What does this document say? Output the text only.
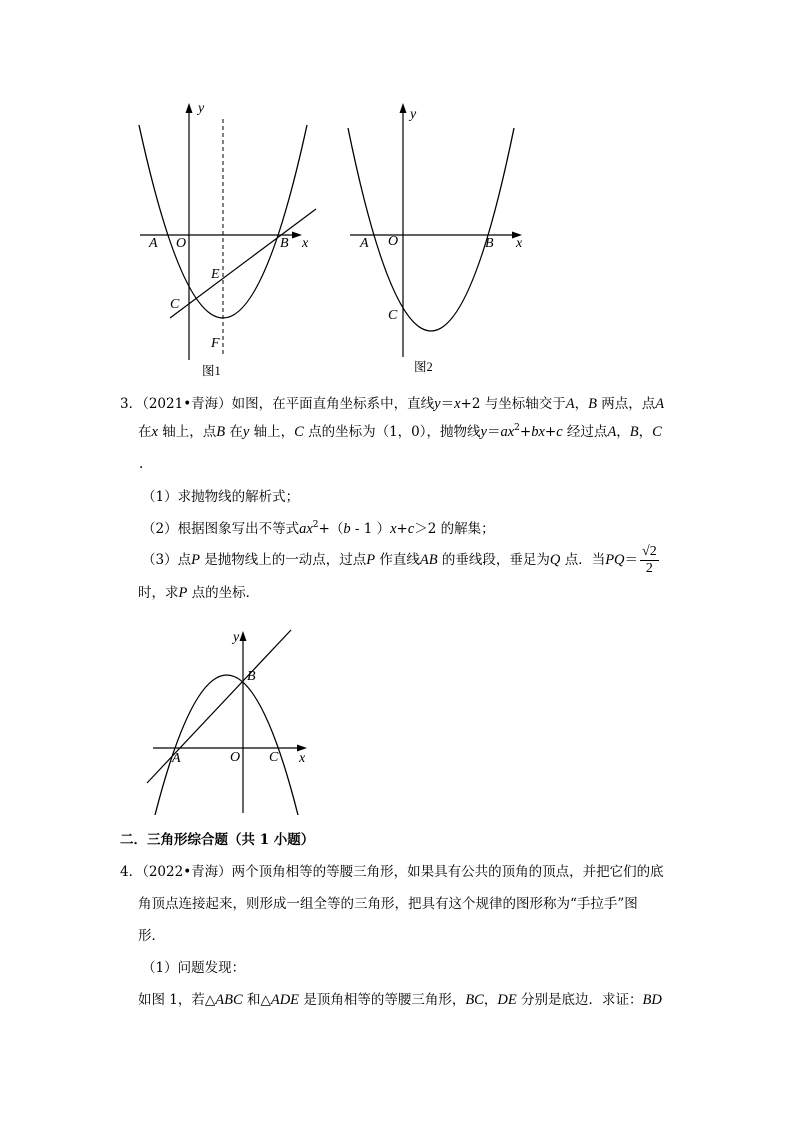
y
x
A O	B
E
C
F
图1
y
x
A O	B
C
图2
3．（2021•青海）如图，在平面直角坐标系中，直线y＝x+2 与坐标轴交于A，B 两点，点A
在x 轴上，点B 在y 轴上，C 点的坐标为（1，0），抛物线$y=ax^2+bx+c$ 经过点A，B，C
.
（1）求抛物线的解析式；
（2）根据图象写出不等式$ax^2+(b - 1$ ）x+c＞2 的解集；
（3）点P 是抛物线上的一动点，过点P 作直线AB 的垂线段，垂足为Q 点．当$PQ= \frac{√2}{2}$
时，求P 点的坐标．
y
x
A	O
B
C
二．三角形综合题（共 1 小题）
4．（2022•青海）两个顶角相等的等腰三角形，如果具有公共的顶角的顶点，并把它们的底
角顶点连接起来，则形成一组全等的三角形，把具有这个规律的图形称为“手拉手”图
形．
（1）问题发现：
如图 1，若△ABC 和△ADE 是顶角相等的等腰三角形，BC，DE 分别是底边．求证：BD
